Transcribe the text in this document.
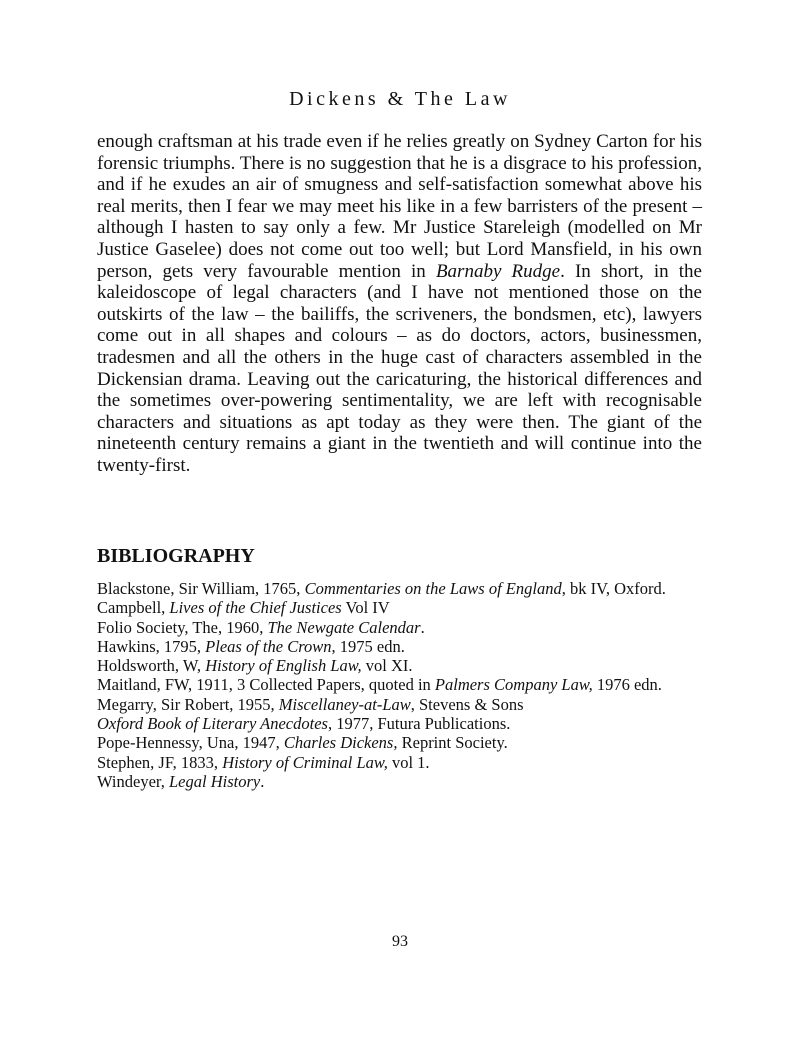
Dickens & The Law

enough craftsman at his trade even if he relies greatly on Sydney Carton for his forensic triumphs. There is no suggestion that he is a disgrace to his profession, and if he exudes an air of smugness and self-satisfaction somewhat above his real merits, then I fear we may meet his like in a few barristers of the present – although I hasten to say only a few. Mr Justice Stareleigh (modelled on Mr Justice Gaselee) does not come out too well; but Lord Mansfield, in his own person, gets very favourable mention in Barnaby Rudge. In short, in the kaleidoscope of legal characters (and I have not mentioned those on the outskirts of the law – the bailiffs, the scriveners, the bondsmen, etc), lawyers come out in all shapes and colours – as do doctors, actors, businessmen, tradesmen and all the others in the huge cast of characters assembled in the Dickensian drama. Leaving out the caricaturing, the historical differences and the sometimes over-powering sentimentality, we are left with recognisable characters and situations as apt today as they were then. The giant of the nineteenth century remains a giant in the twentieth and will continue into the twenty-first.

BIBLIOGRAPHY
Blackstone, Sir William, 1765, Commentaries on the Laws of England, bk IV, Oxford.
Campbell, Lives of the Chief Justices Vol IV
Folio Society, The, 1960, The Newgate Calendar.
Hawkins, 1795, Pleas of the Crown, 1975 edn.
Holdsworth, W, History of English Law, vol XI.
Maitland, FW, 1911, 3 Collected Papers, quoted in Palmers Company Law, 1976 edn.
Megarry, Sir Robert, 1955, Miscellaney-at-Law, Stevens & Sons
Oxford Book of Literary Anecdotes, 1977, Futura Publications.
Pope-Hennessy, Una, 1947, Charles Dickens, Reprint Society.
Stephen, JF, 1833, History of Criminal Law, vol 1.
Windeyer, Legal History.
93
